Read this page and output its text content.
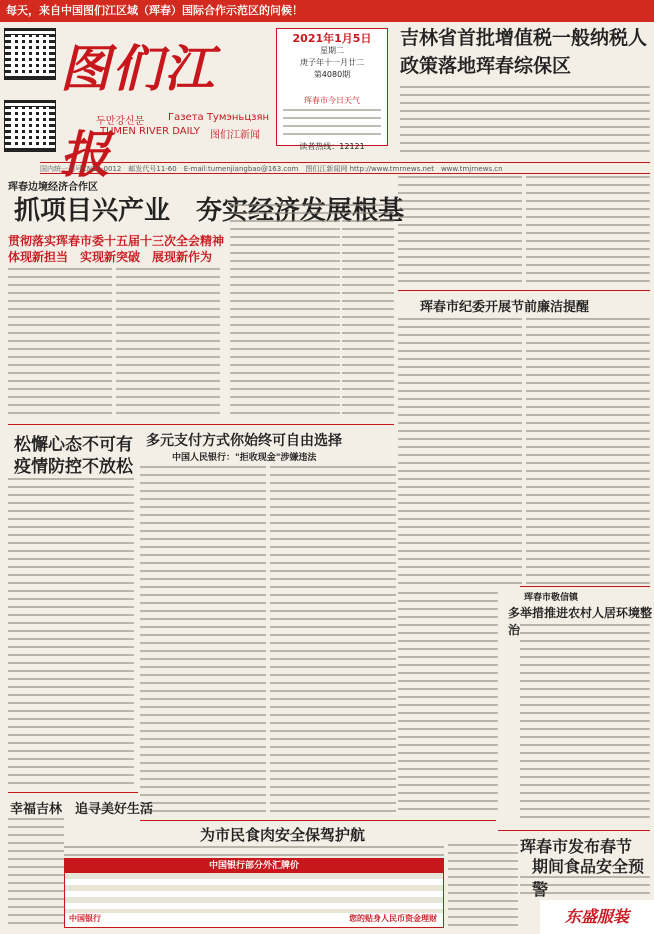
每天，来自中国图们江区域（珲春）国际合作示范区的问候！
图们江报
두만강신문 Газета Тумэньцзян
TUMEN RIVER DAILY 图们江新闻
2021年1月5日
星期二
庚子年十一月廿二
第4080期
珲春市今日天气
读者热线：12121
吉林省首批增值税一般纳税人政策落地珲春综保区
国内统一刊号CN22-0012　邮发代号11-60　E-mail:tumenjiangbao@163.com　图们江新闻网 http://www.tmrnews.net　www.tmjrnews.cn
珲春边境经济合作区
抓项目兴产业　夯实经济发展根基
贯彻落实珲春市委十五届十三次全会精神
体现新担当　实现新突破　展现新作为
珲春市纪委开展节前廉洁提醒
松懈心态不可有
疫情防控不放松
多元支付方式你始终可自由选择
中国人民银行："拒收现金"涉嫌违法
珲春市敬信镇
多举措推进农村人居环境整治
幸福吉林　追寻美好生活
为市民食肉安全保驾护航
珲春市发布春节
期间食品安全预警
中国银行部分外汇牌价
中国银行	您的贴身人民币资金理财	东盛服装
